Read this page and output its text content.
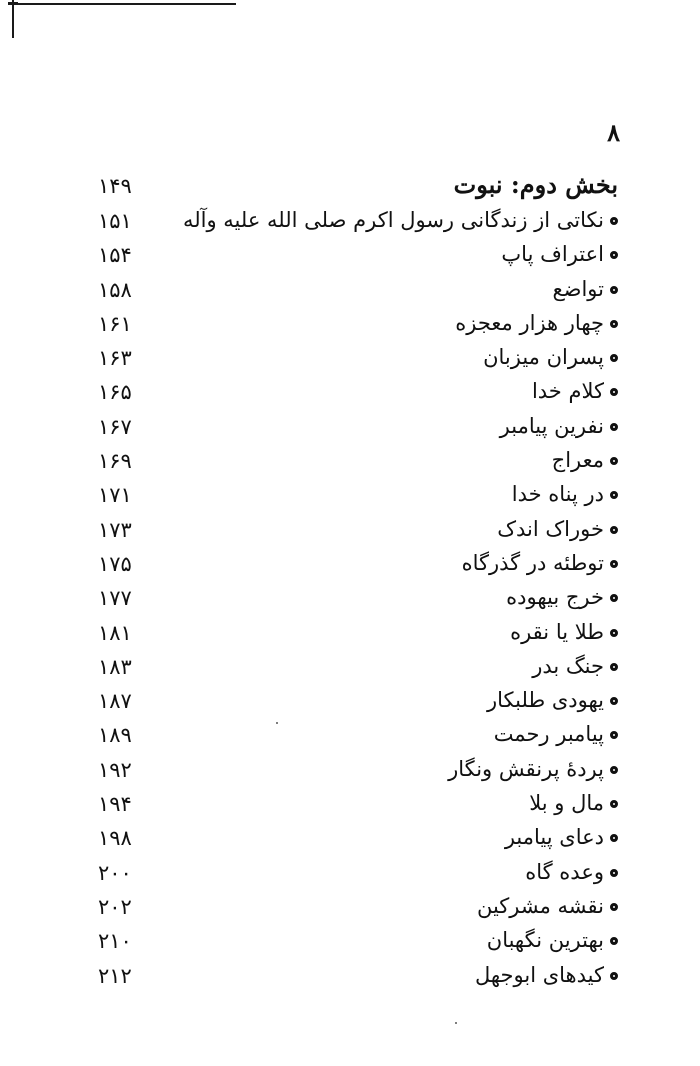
۸
بخش دوم: نبوت
۱۴۹
نکاتی از زندگانی رسول اکرم صلی الله علیه وآله
۱۵۱
اعتراف پاپ
۱۵۴
تواضع
۱۵۸
چهار هزار معجزه
۱۶۱
پسران میزبان
۱۶۳
کلام خدا
۱۶۵
نفرین پیامبر
۱۶۷
معراج
۱۶۹
در پناه خدا
۱۷۱
خوراک اندک
۱۷۳
توطئه در گذرگاه
۱۷۵
خرج بیهوده
۱۷۷
طلا یا نقره
۱۸۱
جنگ بدر
۱۸۳
یهودی طلبکار
۱۸۷
پیامبر رحمت
۱۸۹
پردهٔ پرنقش ونگار
۱۹۲
مال و بلا
۱۹۴
دعای پیامبر
۱۹۸
وعده گاه
۲۰۰
نقشه مشرکین
۲۰۲
بهترین نگهبان
۲۱۰
کیدهای ابوجهل
۲۱۲
